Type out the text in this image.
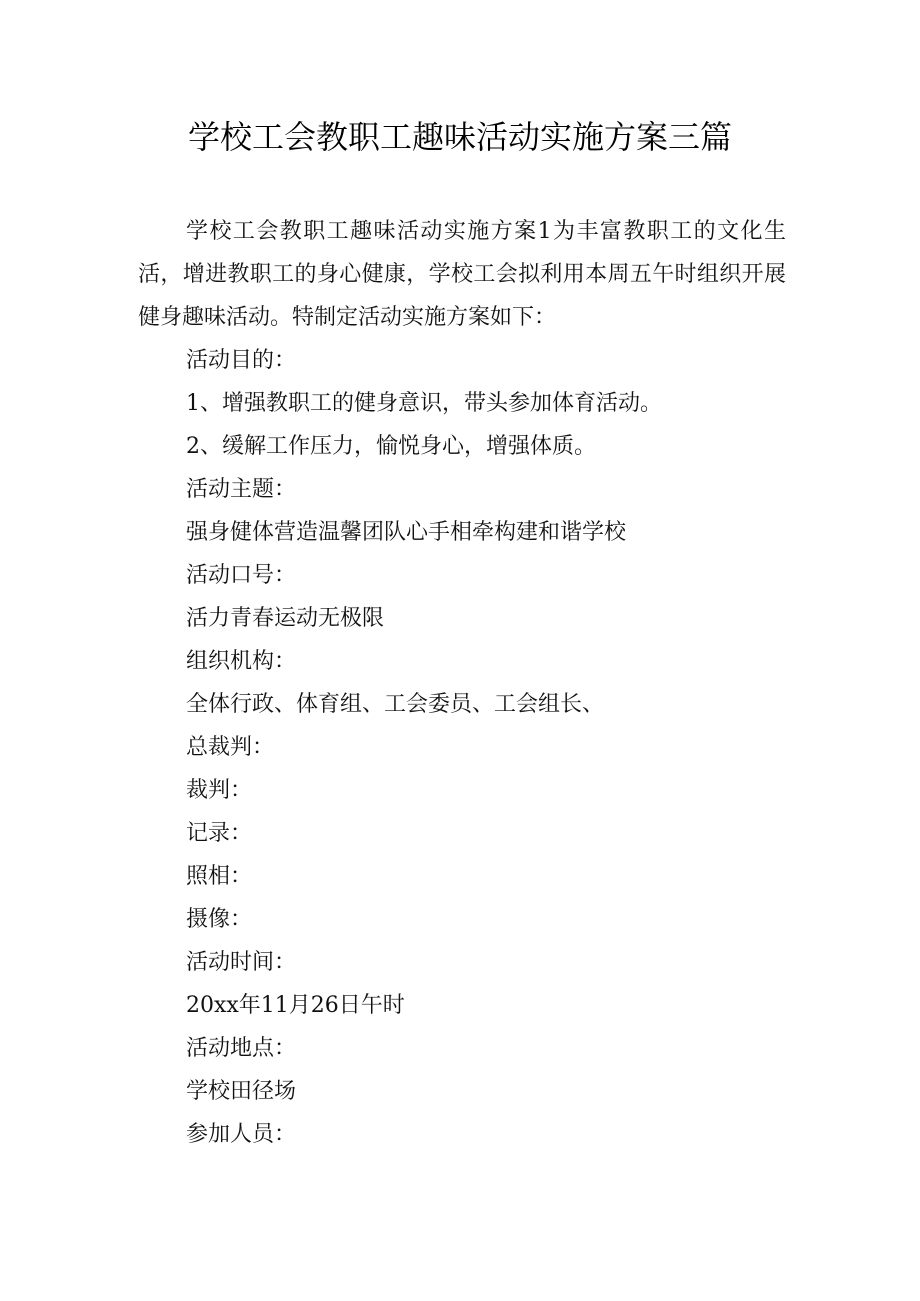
学校工会教职工趣味活动实施方案三篇

学校工会教职工趣味活动实施方案1为丰富教职工的文化生活，增进教职工的身心健康，学校工会拟利用本周五午时组织开展健身趣味活动。特制定活动实施方案如下：

活动目的：

1、增强教职工的健身意识，带头参加体育活动。

2、缓解工作压力，愉悦身心，增强体质。

活动主题：

强身健体营造温馨团队心手相牵构建和谐学校

活动口号：

活力青春运动无极限

组织机构：

全体行政、体育组、工会委员、工会组长、

总裁判：

裁判：

记录：

照相：

摄像：

活动时间：

20xx年11月26日午时

活动地点：

学校田径场

参加人员：
